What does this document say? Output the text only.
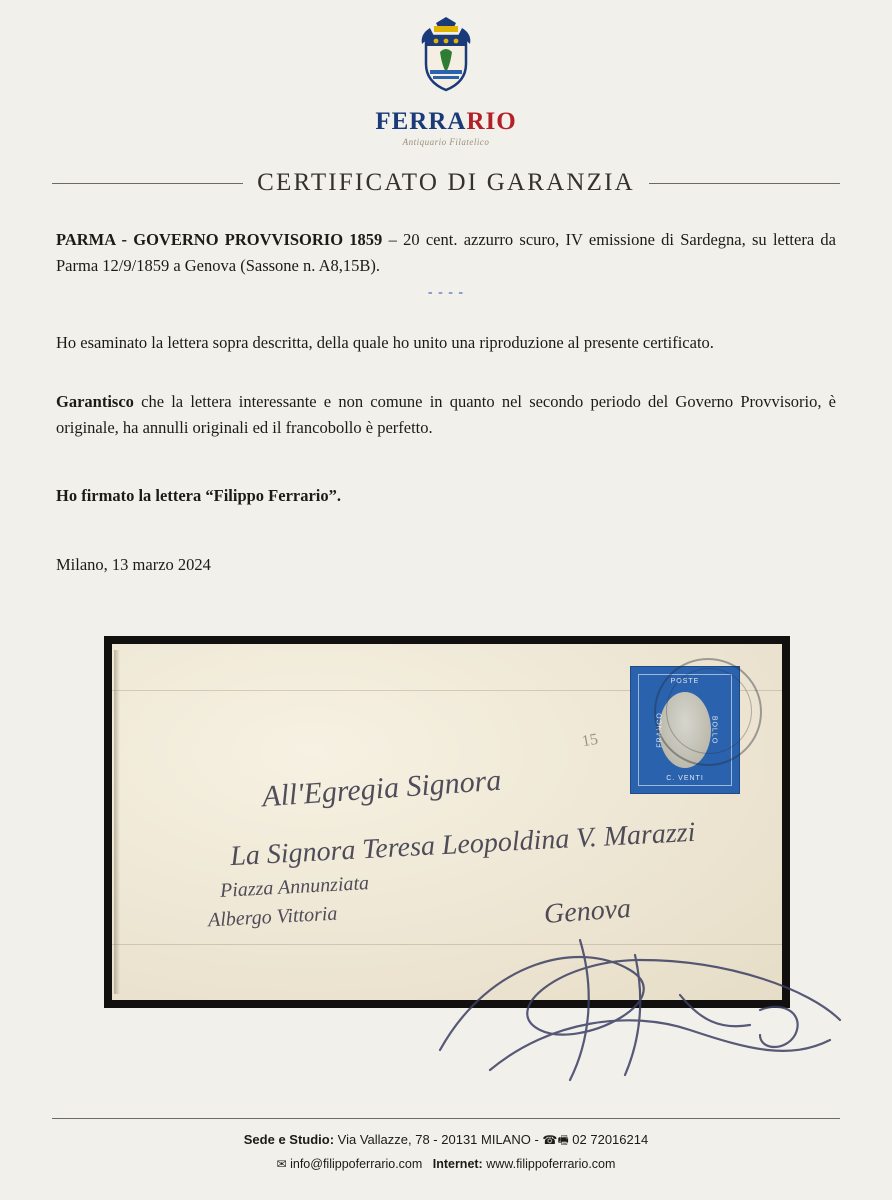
FERRARIO
Antiquario Filatelico
CERTIFICATO DI GARANZIA

PARMA - GOVERNO PROVVISORIO 1859 – 20 cent. azzurro scuro, IV emissione di Sardegna, su lettera da Parma 12/9/1859 a Genova (Sassone n. A8,15B).

- - - -

Ho esaminato la lettera sopra descritta, della quale ho unito una riproduzione al presente certificato.

Garantisco che la lettera interessante e non comune in quanto nel secondo periodo del Governo Provvisorio, è originale, ha annulli originali ed il francobollo è perfetto.

Ho firmato la lettera “Filippo Ferrario”.

Milano, 13 marzo 2024
POSTE
C. VENTI
FRANCO	BOLLO
All'Egregia Signora
La Signora Teresa Leopoldina V. Marazzi
Piazza Annunziata
Albergo Vittoria	Genova
15
Sede e Studio: Via Vallazze, 78 - 20131 MILANO - ☎🖷 02 72016214
✉ info@filippoferrario.com Internet: www.filippoferrario.com
